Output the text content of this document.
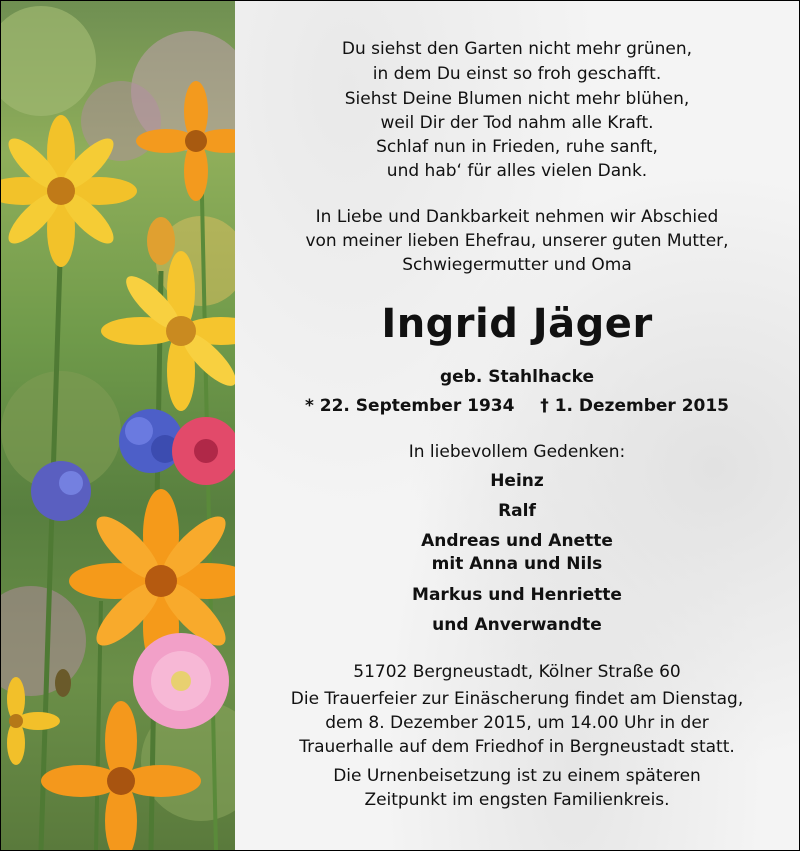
Du siehst den Garten nicht mehr grünen,
in dem Du einst so froh geschafft.
Siehst Deine Blumen nicht mehr blühen,
weil Dir der Tod nahm alle Kraft.
Schlaf nun in Frieden, ruhe sanft,
und hab‘ für alles vielen Dank.
In Liebe und Dankbarkeit nehmen wir Abschied
von meiner lieben Ehefrau, unserer guten Mutter,
Schwiegermutter und Oma
Ingrid Jäger
geb. Stahlhacke
* 22. September 1934 † 1. Dezember 2015
In liebevollem Gedenken:
Heinz
Ralf
Andreas und Anette
mit Anna und Nils
Markus und Henriette
und Anverwandte
51702 Bergneustadt, Kölner Straße 60
Die Trauerfeier zur Einäscherung findet am Dienstag,
dem 8. Dezember 2015, um 14.00 Uhr in der
Trauerhalle auf dem Friedhof in Bergneustadt statt.
Die Urnenbeisetzung ist zu einem späteren
Zeitpunkt im engsten Familienkreis.
